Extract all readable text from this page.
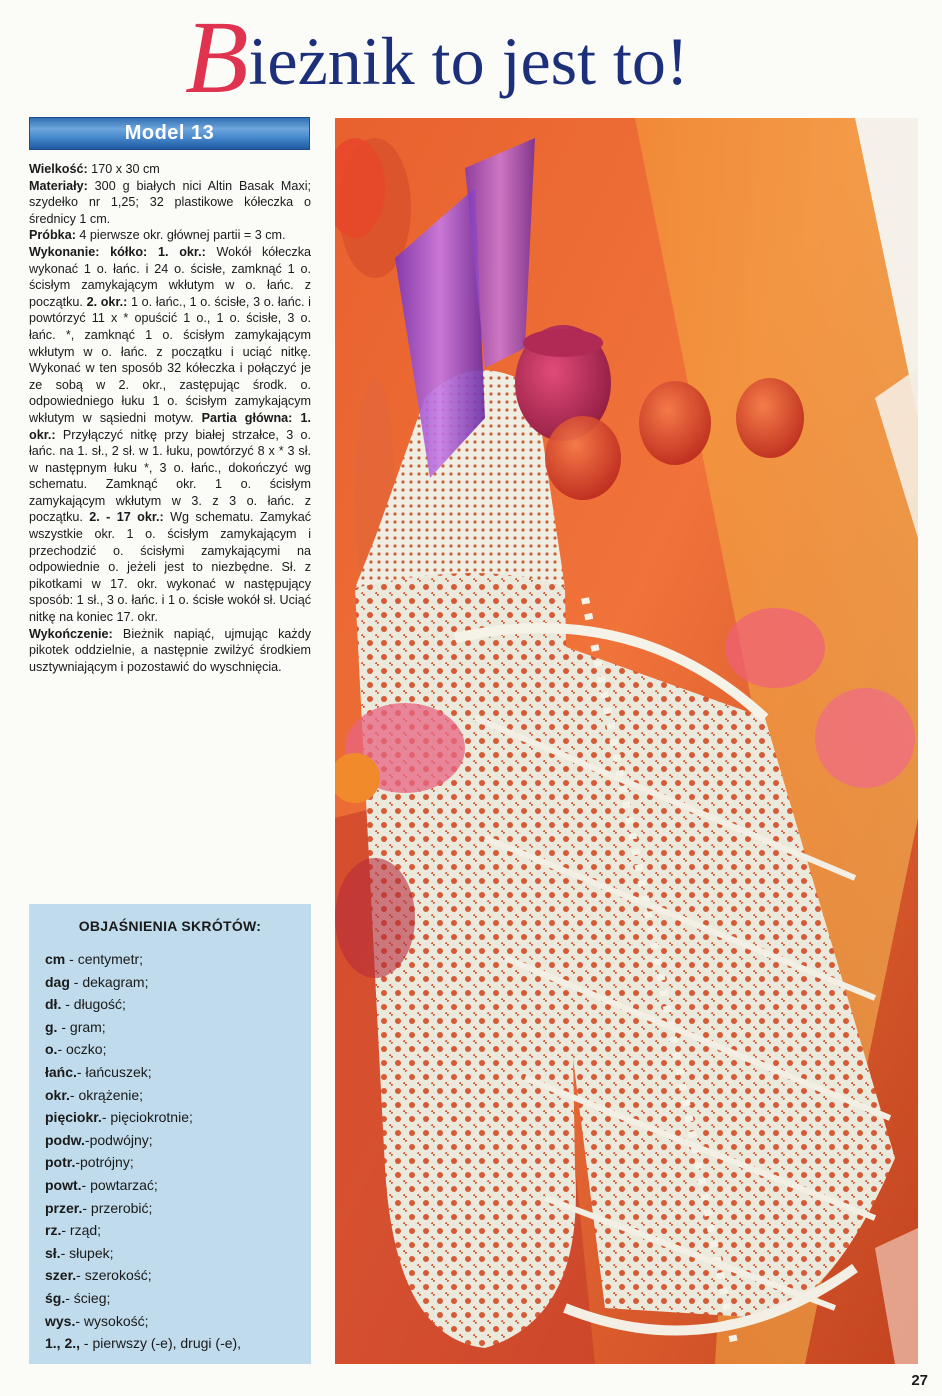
Bieżnik to jest to!
Model 13

Wielkość: 170 x 30 cm

Materiały: 300 g białych nici Altin Basak Maxi; szydełko nr 1,25; 32 plastikowe kółeczka o średnicy 1 cm.

Próbka: 4 pierwsze okr. głównej partii = 3 cm.

Wykonanie: kółko: 1. okr.: Wokół kółeczka wykonać 1 o. łańc. i 24 o. ścisłe, zamknąć 1 o. ścisłym zamykającym wkłutym w o. łańc. z początku. 2. okr.: 1 o. łańc., 1 o. ścisłe, 3 o. łańc. i powtórzyć 11 x * opuścić 1 o., 1 o. ścisłe, 3 o. łańc. *, zamknąć 1 o. ścisłym zamykającym wkłutym w o. łańc. z początku i uciąć nitkę. Wykonać w ten sposób 32 kółeczka i połączyć je ze sobą w 2. okr., zastępując środk. o. odpowiedniego łuku 1 o. ścisłym zamykającym wkłutym w sąsiedni motyw. Partia główna: 1. okr.: Przyłączyć nitkę przy białej strzałce, 3 o. łańc. na 1. sł., 2 sł. w 1. łuku, powtórzyć 8 x * 3 sł. w następnym łuku *, 3 o. łańc., dokończyć wg schematu. Zamknąć okr. 1 o. ścisłym zamykającym wkłutym w 3. z 3 o. łańc. z początku. 2. - 17 okr.: Wg schematu. Zamykać wszystkie okr. 1 o. ścisłym zamykającym i przechodzić o. ścisłymi zamykającymi na odpowiednie o. jeżeli jest to niezbędne. Sł. z pikotkami w 17. okr. wykonać w następujący sposób: 1 sł., 3 o. łańc. i 1 o. ścisłe wokół sł. Uciąć nitkę na koniec 17. okr.

Wykończenie: Bieżnik napiąć, ujmując każdy pikotek oddzielnie, a następnie zwilżyć środkiem usztywniającym i pozostawić do wyschnięcia.

OBJAŚNIENIA SKRÓTÓW:
cm - centymetr;
dag - dekagram;
dł. - długość;
g. - gram;
o.- oczko;
łańc.- łańcuszek;
okr.- okrążenie;
pięciokr.- pięciokrotnie;
podw.-podwójny;
potr.-potrójny;
powt.- powtarzać;
przer.- przerobić;
rz.- rząd;
sł.- słupek;
szer.- szerokość;
śg.- ścieg;
wys.- wysokość;
1., 2., - pierwszy (-e), drugi (-e),
27
